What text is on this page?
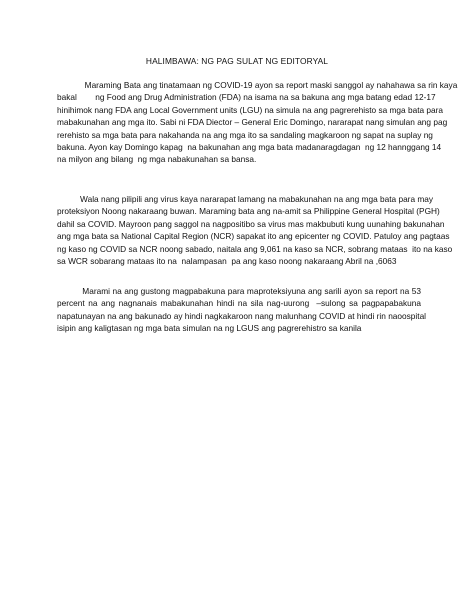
HALIMBAWA: NG PAG SULAT NG EDITORYAL
Maraming Bata ang tinatamaan ng COVID-19 ayon sa report maski sanggol ay nahahawa sa rin kaya
bakal        ng Food ang Drug Administration (FDA) na isama na sa bakuna ang mga batang edad 12-17
hinihimok nang FDA ang Local Government units (LGU) na simula na ang pagrerehisto sa mga bata para
mabakunahan ang mga ito. Sabi ni FDA Diector – General Eric Domingo, nararapat nang simulan ang pag
rerehisto sa mga bata para nakahanda na ang mga ito sa sandaling magkaroon ng sapat na suplay ng
bakuna. Ayon kay Domingo kapag  na bakunahan ang mga bata madanaragdagan  ng 12 hannggang 14
na milyon ang bilang  ng mga nabakunahan sa bansa.
Wala nang pilipili ang virus kaya nararapat lamang na mabakunahan na ang mga bata para may
proteksiyon Noong nakaraang buwan. Maraming bata ang na-amit sa Philippine General Hospital (PGH)
dahil sa COVID. Mayroon pang saggol na nagpositibo sa virus mas makbubuti kung uunahing bakunahan
ang mga bata sa National Capital Region (NCR) sapakat ito ang epicenter ng COVID. Patuloy ang pagtaas
ng kaso ng COVID sa NCR noong sabado, naitala ang 9,061 na kaso sa NCR, sobrang mataas  ito na kaso
sa WCR sobarang mataas ito na  nalampasan  pa ang kaso noong nakaraang Abril na ,6063
Marami na ang gustong magpabakuna para maproteksiyuna ang sarili ayon sa report na 53
percent na ang nagnanais mabakunahan hindi na sila nag-uurong  –sulong sa pagpapabakuna
napatunayan na ang bakunado ay hindi nagkakaroon nang malunhang COVID at hindi rin naoospital
isipin ang kaligtasan ng mga bata simulan na ng LGUS ang pagrerehistro sa kanila
